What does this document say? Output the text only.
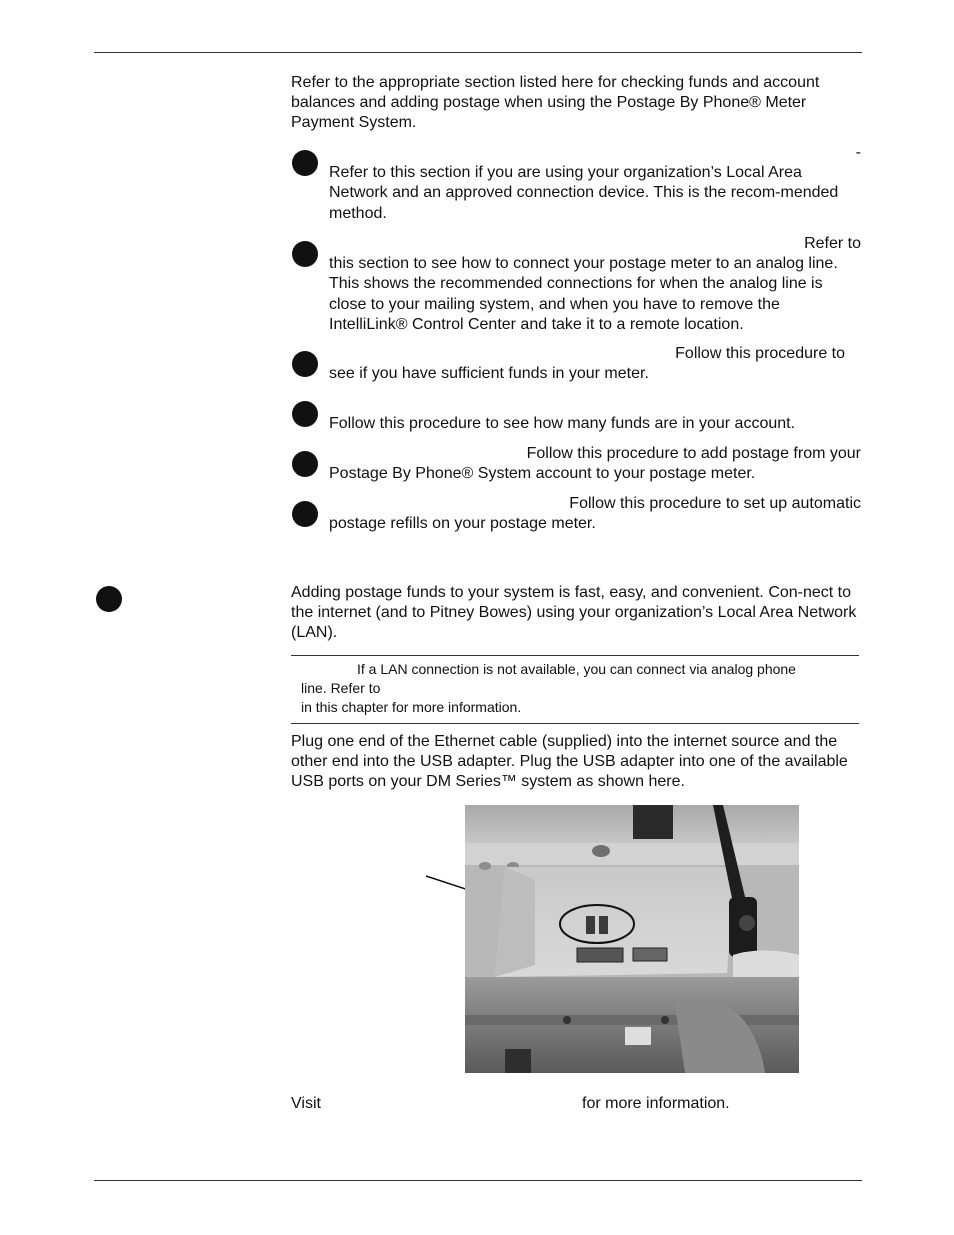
Refer to the appropriate section listed here for checking funds and account balances and adding postage when using the Postage By Phone® Meter Payment System.

-
Refer to this section if you are using your organization’s Local Area Network and an approved connection device. This is the recom-mended method.
Refer to
this section to see how to connect your postage meter to an analog line. This shows the recommended connections for when the analog line is close to your mailing system, and when you have to remove the IntelliLink® Control Center and take it to a remote location.
Follow this procedure to
see if you have sufficient funds in your meter.
Follow this procedure to see how many funds are in your account.
Follow this procedure to add postage from your
Postage By Phone® System account to your postage meter.
Follow this procedure to set up automatic
postage refills on your postage meter.

Adding postage funds to your system is fast, easy, and convenient. Con-nect to the internet (and to Pitney Bowes) using your organization’s Local Area Network (LAN).

If a LAN connection is not available, you can connect via analog phone
line. Refer to
in this chapter for more information.

Plug one end of the Ethernet cable (supplied) into the internet source and the other end into the USB adapter. Plug the USB adapter into one of the available USB ports on your DM Series™ system as shown here.

Visit	for more information.
